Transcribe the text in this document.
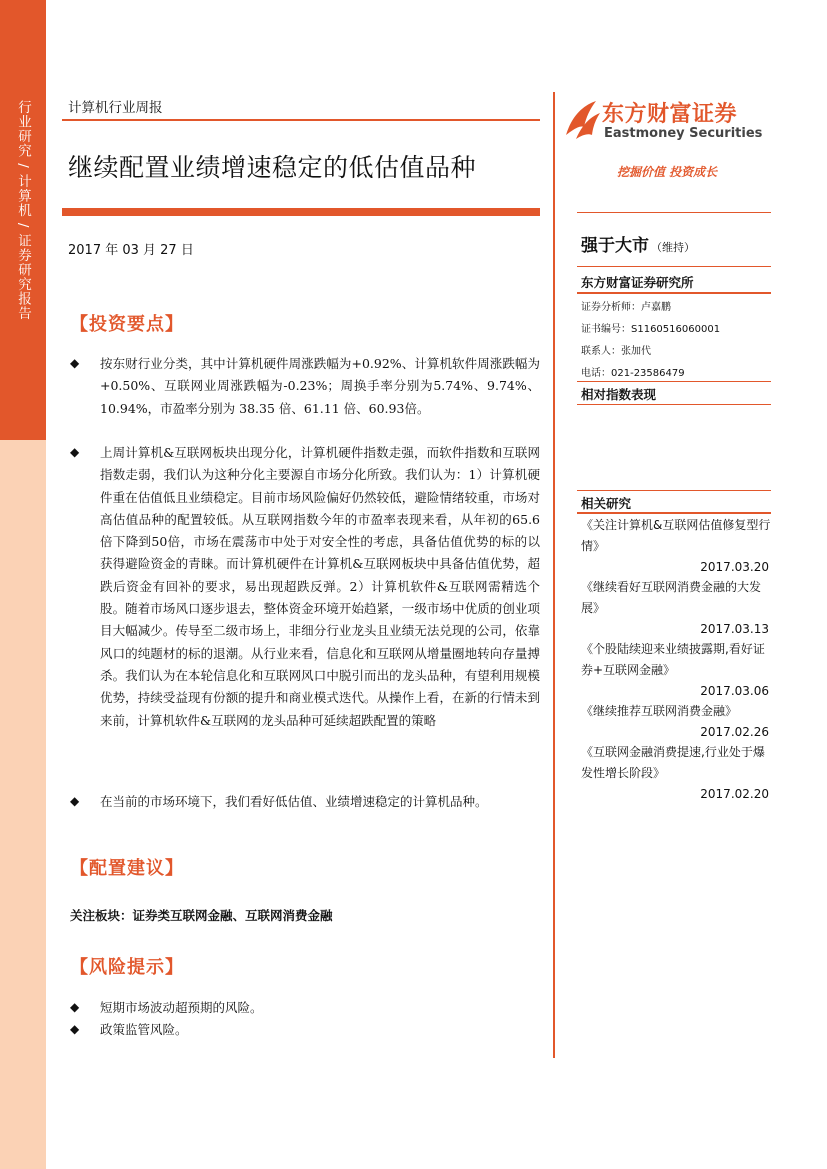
行业研究 / 计算机 / 证券研究报告	计算机行业周报
继续配置业绩增速稳定的低估值品种
2017 年 03 月 27 日
东方财富证券
Eastmoney Securities
挖掘价值 投资成长
强于大市 （维持）
东方财富证券研究所
证券分析师：卢嘉鹏
证书编号：S1160516060001
联系人：张加代
电话：021-23586479
相对指数表现
相关研究
《关注计算机&互联网估值修复型行情》
2017.03.20
《继续看好互联网消费金融的大发展》
2017.03.13
《个股陆续迎来业绩披露期,看好证券+互联网金融》
2017.03.06
《继续推荐互联网消费金融》
2017.02.26
《互联网金融消费提速,行业处于爆发性增长阶段》
2017.02.20
【投资要点】
◆ 按东财行业分类，其中计算机硬件周涨跌幅为+0.92%、计算机软件周涨跌幅为+0.50%、互联网业周涨跌幅为-0.23%；周换手率分别为5.74%、9.74%、10.94%，市盈率分别为 38.35 倍、61.11 倍、60.93倍。
◆ 上周计算机&互联网板块出现分化，计算机硬件指数走强，而软件指数和互联网指数走弱，我们认为这种分化主要源自市场分化所致。我们认为：1）计算机硬件重在估值低且业绩稳定。目前市场风险偏好仍然较低，避险情绪较重，市场对高估值品种的配置较低。从互联网指数今年的市盈率表现来看，从年初的65.6倍下降到50倍，市场在震荡市中处于对安全性的考虑，具备估值优势的标的以获得避险资金的青睐。而计算机硬件在计算机&互联网板块中具备估值优势，超跌后资金有回补的要求，易出现超跌反弹。2）计算机软件&互联网需精选个股。随着市场风口逐步退去，整体资金环境开始趋紧，一级市场中优质的创业项目大幅减少。传导至二级市场上，非细分行业龙头且业绩无法兑现的公司，依靠风口的纯题材的标的退潮。从行业来看，信息化和互联网从增量圈地转向存量搏杀。我们认为在本轮信息化和互联网风口中脱引而出的龙头品种，有望利用规模优势，持续受益现有份额的提升和商业模式迭代。从操作上看，在新的行情未到来前，计算机软件&互联网的龙头品种可延续超跌配置的策略
◆ 在当前的市场环境下，我们看好低估值、业绩增速稳定的计算机品种。
【配置建议】
关注板块：证券类互联网金融、互联网消费金融
【风险提示】
◆ 短期市场波动超预期的风险。
◆ 政策监管风险。
